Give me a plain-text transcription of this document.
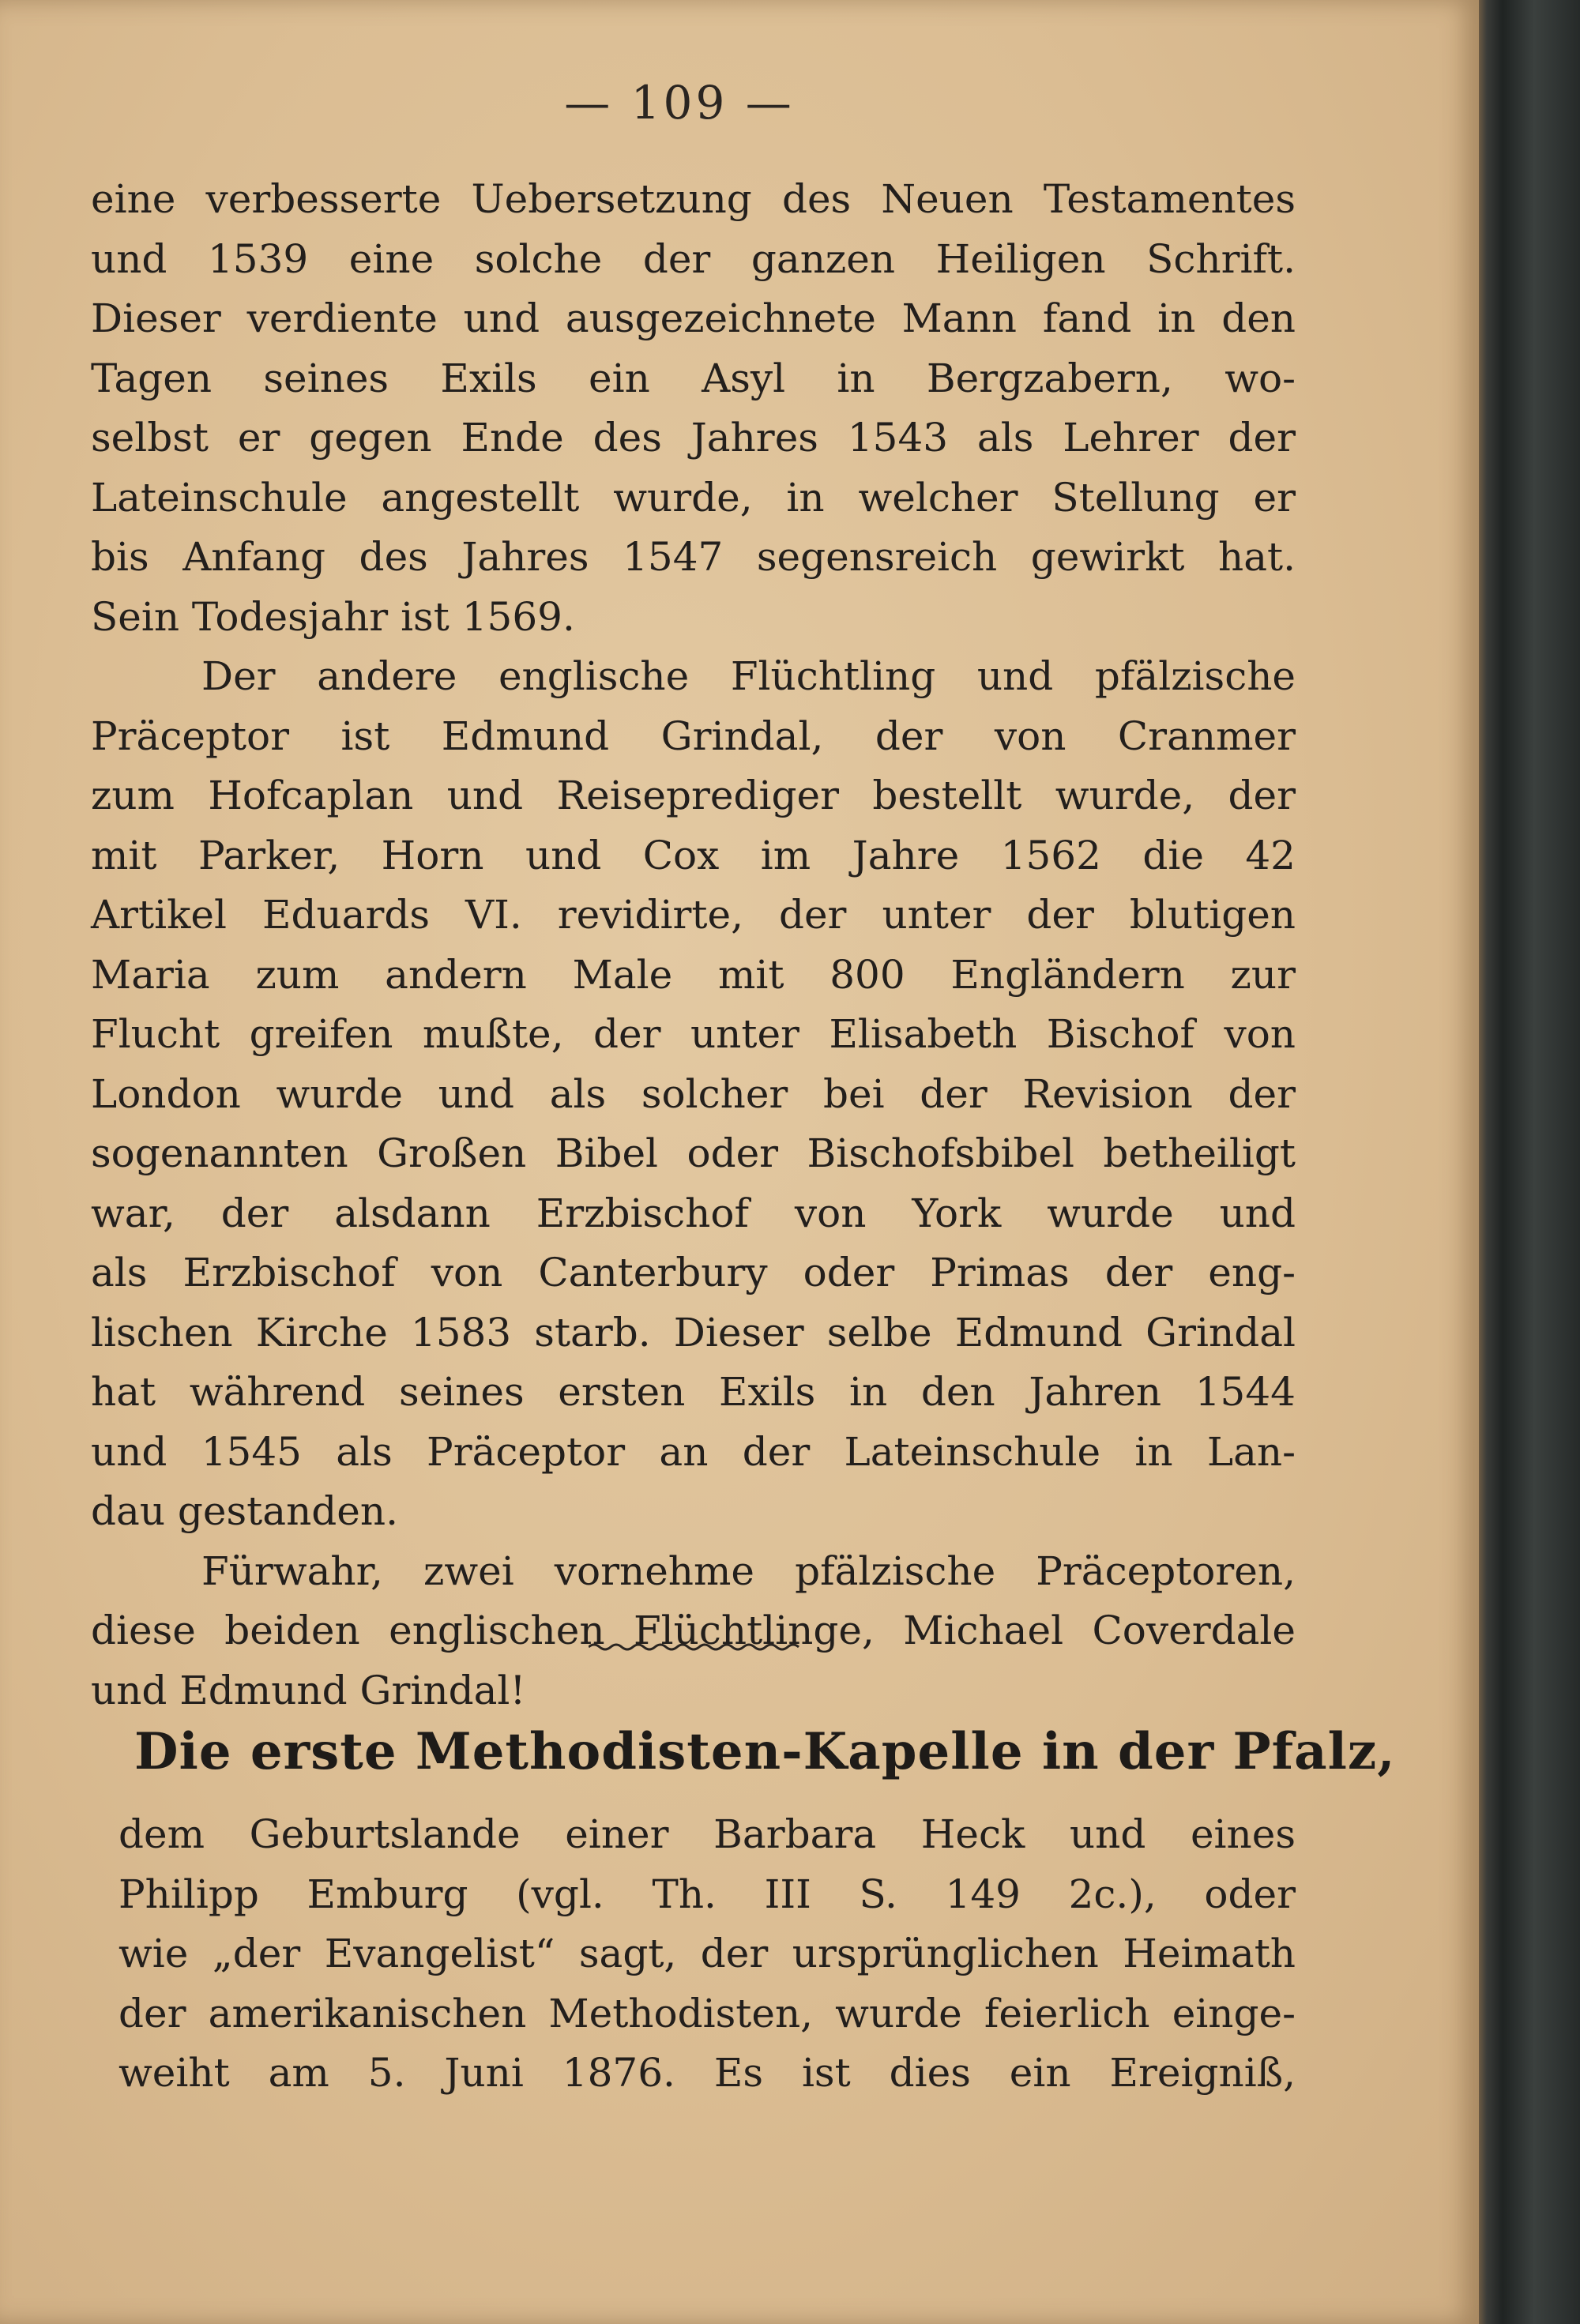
— 109 —
eine verbesserte Uebersetzung des Neuen Testamentes
und 1539 eine solche der ganzen Heiligen Schrift.
Dieser verdiente und ausgezeichnete Mann fand in den
Tagen seines Exils ein Asyl in Bergzabern, wo-
selbst er gegen Ende des Jahres 1543 als Lehrer der
Lateinschule angestellt wurde, in welcher Stellung er
bis Anfang des Jahres 1547 segensreich gewirkt hat.
Sein Todesjahr ist 1569.
Der andere englische Flüchtling und pfälzische
Präceptor ist Edmund Grindal, der von Cranmer
zum Hofcaplan und Reiseprediger bestellt wurde, der
mit Parker, Horn und Cox im Jahre 1562 die 42
Artikel Eduards VI. revidirte, der unter der blutigen
Maria zum andern Male mit 800 Engländern zur
Flucht greifen mußte, der unter Elisabeth Bischof von
London wurde und als solcher bei der Revision der
sogenannten Großen Bibel oder Bischofsbibel betheiligt
war, der alsdann Erzbischof von York wurde und
als Erzbischof von Canterbury oder Primas der eng-
lischen Kirche 1583 starb. Dieser selbe Edmund Grindal
hat während seines ersten Exils in den Jahren 1544
und 1545 als Präceptor an der Lateinschule in Lan-
dau gestanden.
Fürwahr, zwei vornehme pfälzische Präceptoren,
diese beiden englischen Flüchtlinge, Michael Coverdale
und Edmund Grindal!
Die erste Methodisten-Kapelle in der Pfalz,
dem Geburtslande einer Barbara Heck und eines
Philipp Emburg (vgl. Th. III S. 149 2c.), oder
wie „der Evangelist“ sagt, der ursprünglichen Heimath
der amerikanischen Methodisten, wurde feierlich einge-
weiht am 5. Juni 1876. Es ist dies ein Ereigniß,
